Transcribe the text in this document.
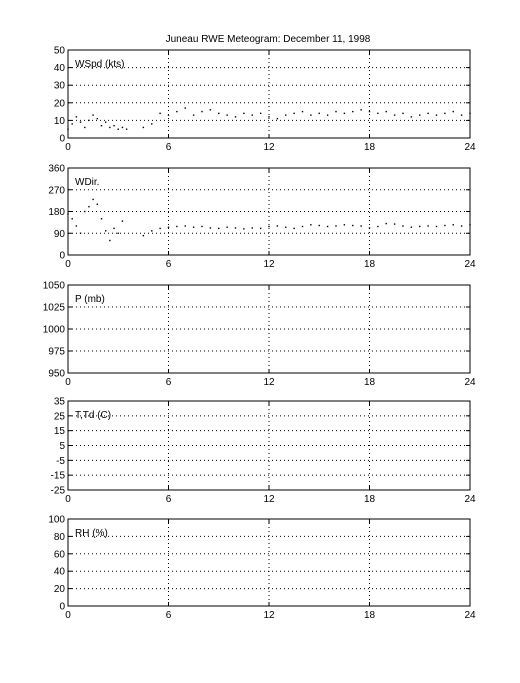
Juneau RWE Meteogram: December 11, 1998
0	6	12	18	24
0
10
20
30
40
50
WSpd (kts)
0	6	12	18	24
0
90
180
270
360
WDir.
0	6	12	18	24
950
975
1000
1025
1050
P (mb)
0	6	12	18	24
-25
-15
-5
5
15
25
35
T,Td (C)
0	6	12	18	24
0
20
40
60
80
100
RH (%)
